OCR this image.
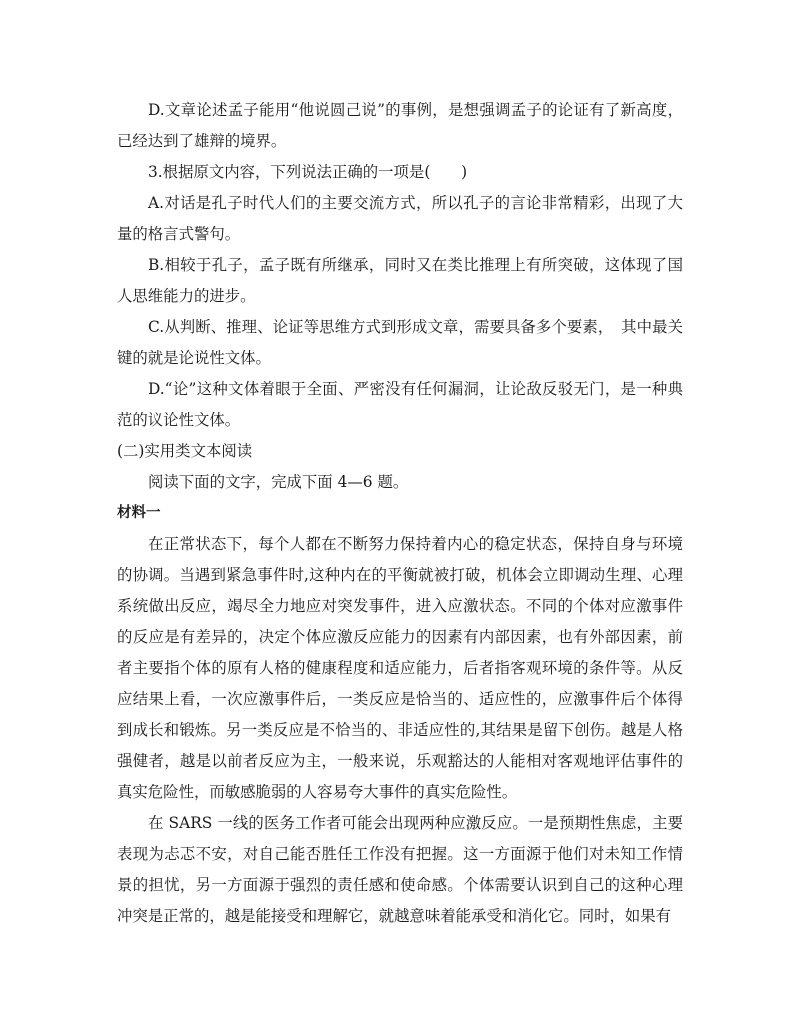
D.文章论述孟子能用“他说圆己说”的事例，是想强调孟子的论证有了新高度，已经达到了雄辩的境界。

3.根据原文内容，下列说法正确的一项是(　　)

A.对话是孔子时代人们的主要交流方式，所以孔子的言论非常精彩，出现了大量的格言式警句。

B.相较于孔子，孟子既有所继承，同时又在类比推理上有所突破，这体现了国人思维能力的进步。

C.从判断、推理、论证等思维方式到形成文章，需要具备多个要素，　其中最关键的就是论说性文体。

D.“论”这种文体着眼于全面、严密没有任何漏洞，让论敌反驳无门，是一种典范的议论性文体。

(二)实用类文本阅读

阅读下面的文字，完成下面 4—6 题。

材料一

在正常状态下，每个人都在不断努力保持着内心的稳定状态，保持自身与环境的协调。当遇到紧急事件时,这种内在的平衡就被打破，机体会立即调动生理、心理系统做出反应，竭尽全力地应对突发事件，进入应激状态。不同的个体对应激事件的反应是有差异的，决定个体应激反应能力的因素有内部因素，也有外部因素，前者主要指个体的原有人格的健康程度和适应能力，后者指客观环境的条件等。从反应结果上看，一次应激事件后，一类反应是恰当的、适应性的，应激事件后个体得到成长和锻炼。另一类反应是不恰当的、非适应性的,其结果是留下创伤。越是人格强健者，越是以前者反应为主，一般来说，乐观豁达的人能相对客观地评估事件的真实危险性，而敏感脆弱的人容易夸大事件的真实危险性。

在 SARS 一线的医务工作者可能会出现两种应激反应。一是预期性焦虑，主要表现为忐忑不安，对自己能否胜任工作没有把握。这一方面源于他们对未知工作情景的担忧，另一方面源于强烈的责任感和使命感。个体需要认识到自己的这种心理冲突是正常的，越是能接受和理解它，就越意味着能承受和消化它。同时，如果有
